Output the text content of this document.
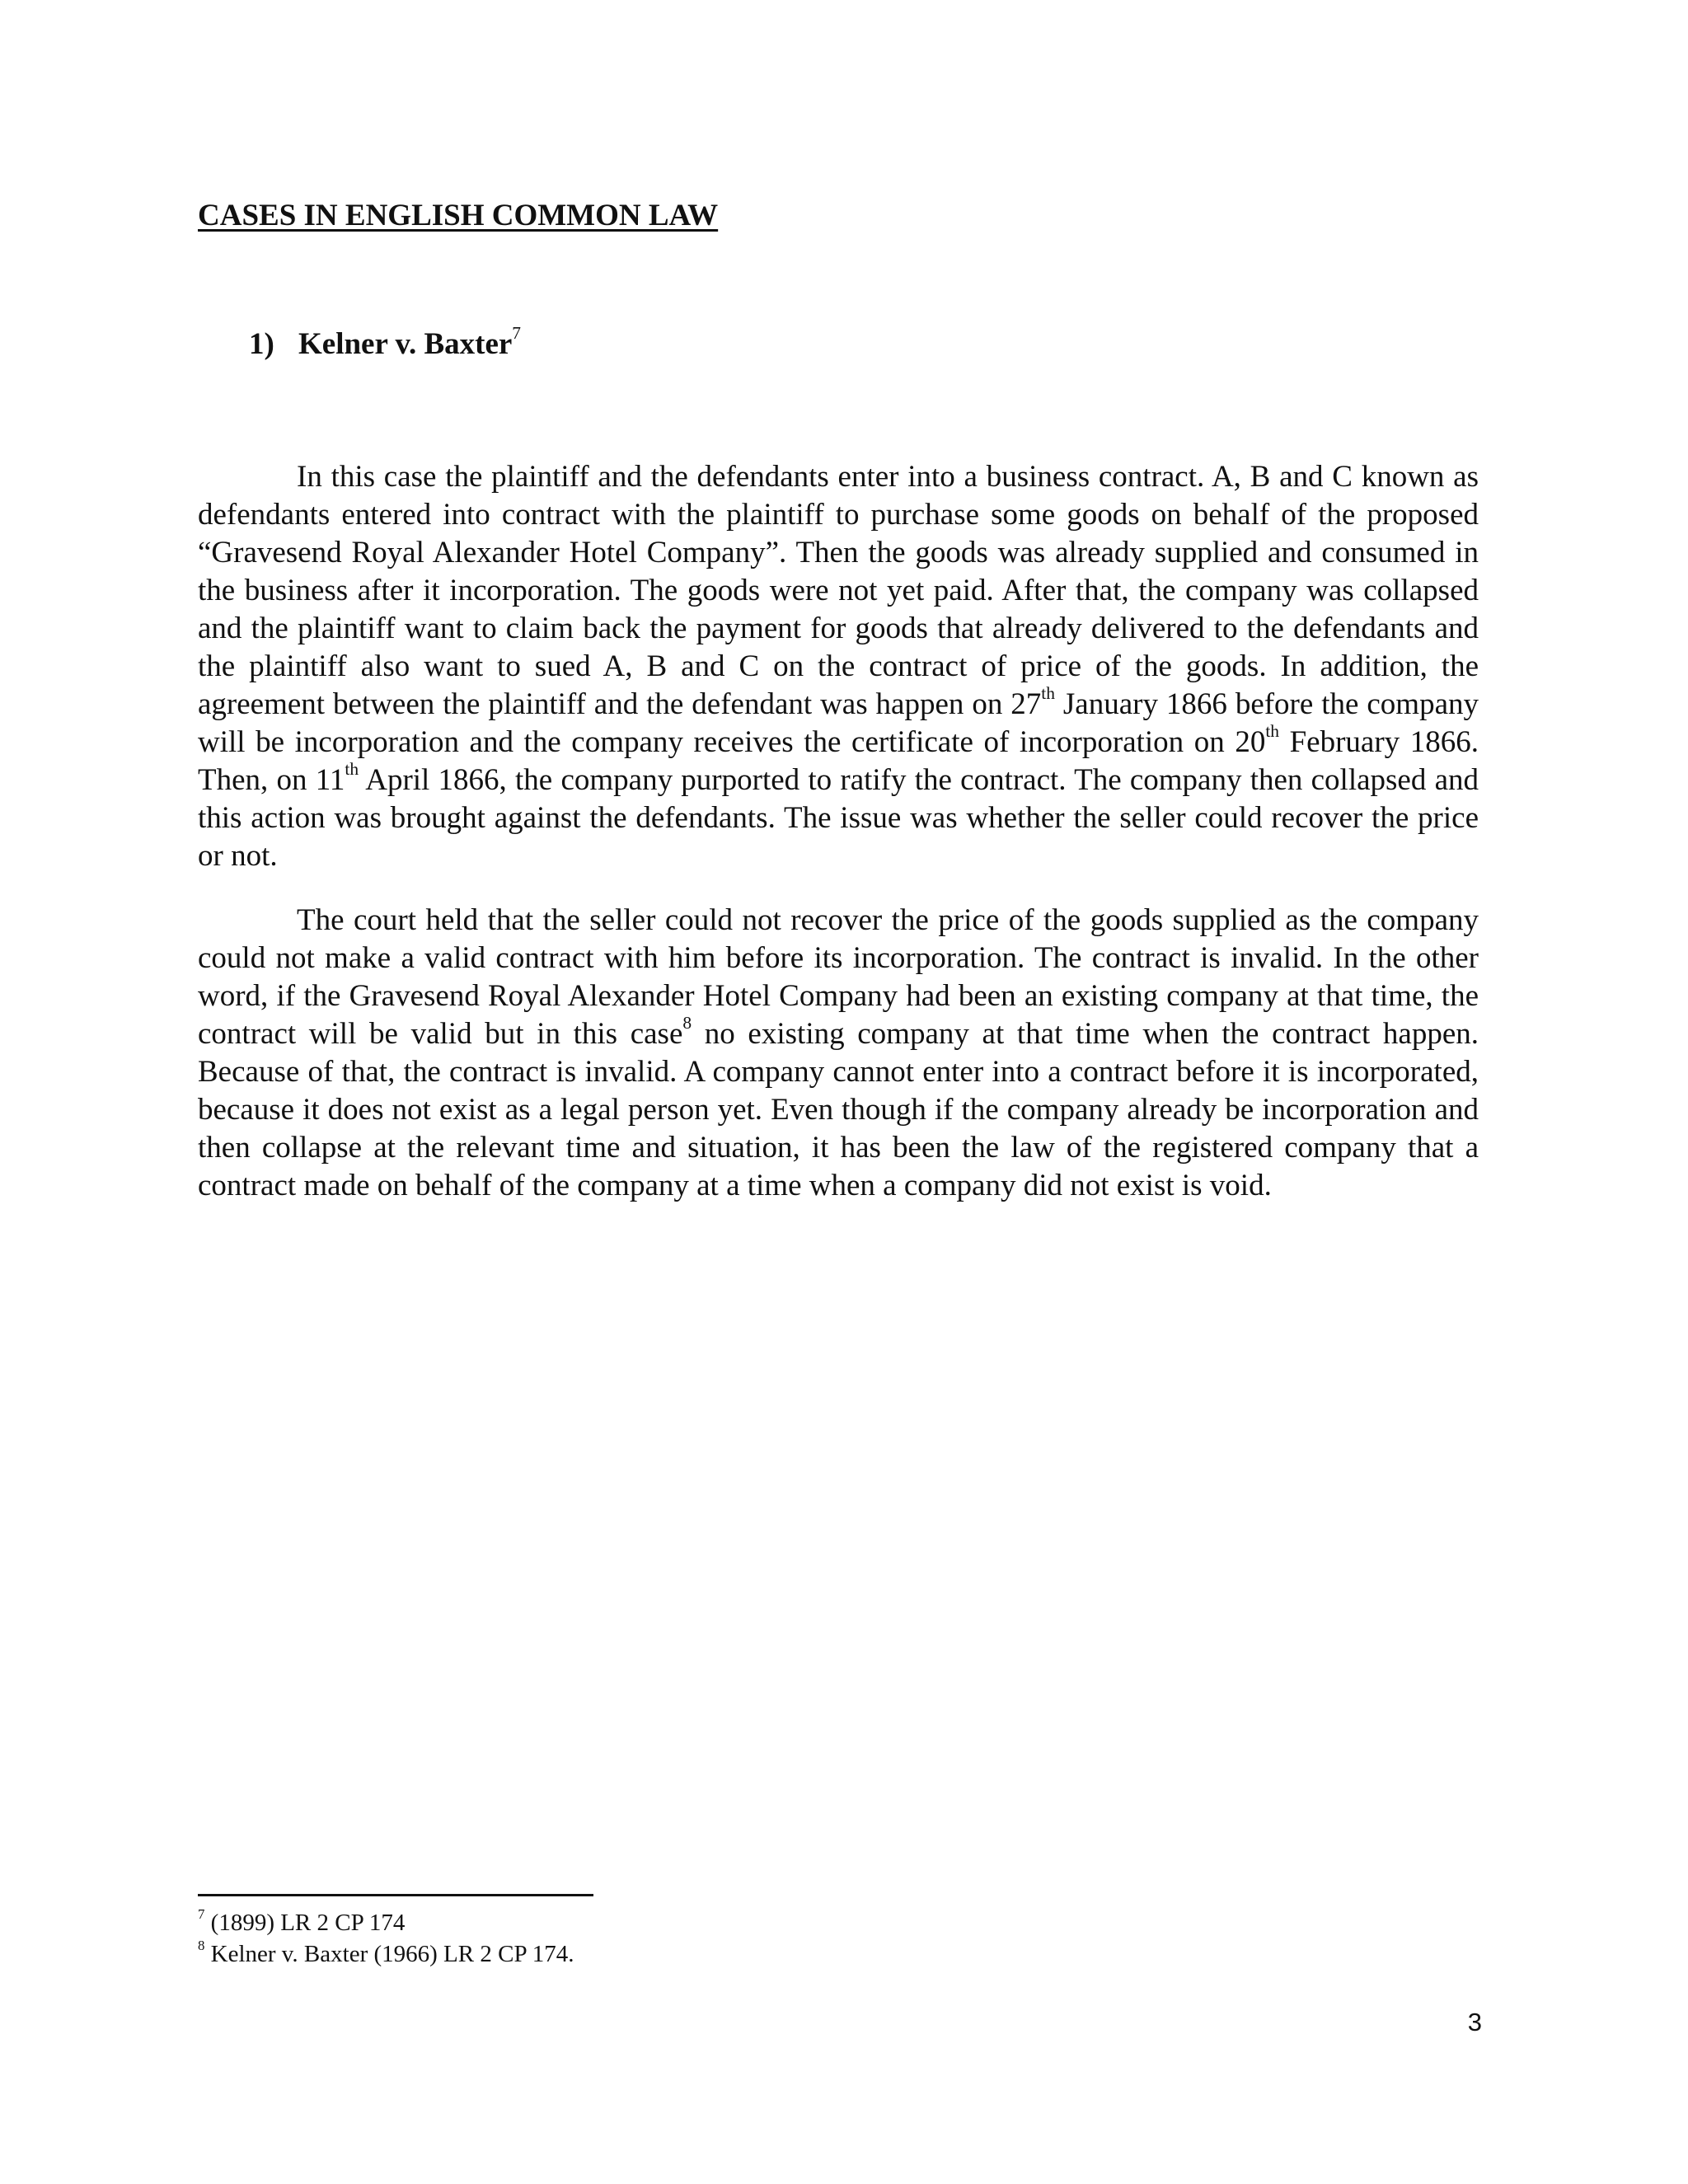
CASES IN ENGLISH COMMON LAW
1) Kelner v. Baxter$^7$

In this case the plaintiff and the defendants enter into a business contract. A, B and C known as defendants entered into contract with the plaintiff to purchase some goods on behalf of the proposed “Gravesend Royal Alexander Hotel Company”. Then the goods was already supplied and consumed in the business after it incorporation. The goods were not yet paid. After that, the company was collapsed and the plaintiff want to claim back the payment for goods that already delivered to the defendants and the plaintiff also want to sued A, B and C on the contract of price of the goods. In addition, the agreement between the plaintiff and the defendant was happen on 27th January 1866 before the company will be incorporation and the company receives the certificate of incorporation on 20th February 1866. Then, on 11th April 1866, the company purported to ratify the contract. The company then collapsed and this action was brought against the defendants. The issue was whether the seller could recover the price or not.

The court held that the seller could not recover the price of the goods supplied as the company could not make a valid contract with him before its incorporation. The contract is invalid. In the other word, if the Gravesend Royal Alexander Hotel Company had been an existing company at that time, the contract will be valid but in this case$^8$ no existing company at that time when the contract happen. Because of that, the contract is invalid. A company cannot enter into a contract before it is incorporated, because it does not exist as a legal person yet. Even though if the company already be incorporation and then collapse at the relevant time and situation, it has been the law of the registered company that a contract made on behalf of the company at a time when a company did not exist is void.

$^7$ (1899) LR 2 CP 174
$^8$ Kelner v. Baxter (1966) LR 2 CP 174.
3
